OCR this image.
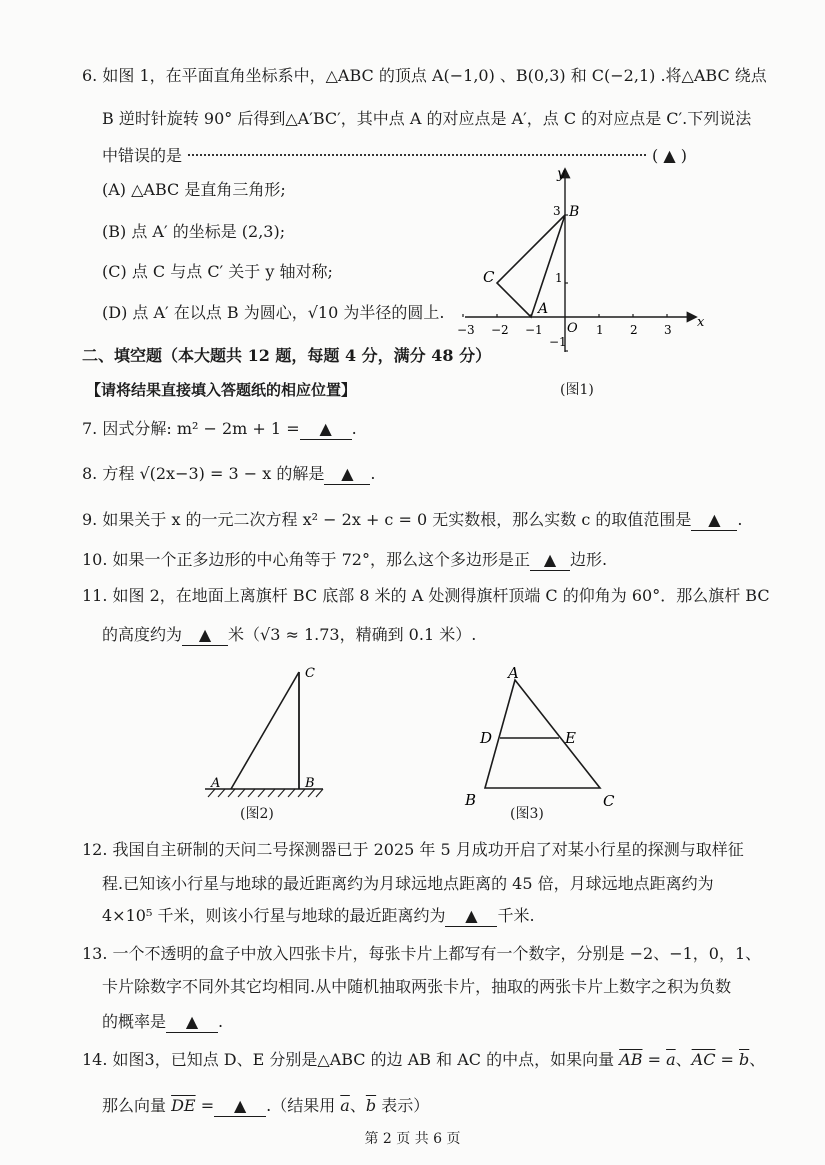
6. 如图 1，在平面直角坐标系中，△ABC 的顶点 A(−1,0) 、B(0,3) 和 C(−2,1) .将△ABC 绕点
B 逆时针旋转 90° 后得到△A′BC′，其中点 A 的对应点是 A′，点 C 的对应点是 C′.下列说法
中错误的是	( ▲ )
(A) △ABC 是直角三角形;
(B) 点 A′ 的坐标是 (2,3);
(C) 点 C 与点 C′ 关于 y 轴对称;
(D) 点 A′ 在以点 B 为圆心，√10 为半径的圆上.
−3 −2 −1	1 2 3
3
1
−1
x
y
O
A
B
C
(图1)
二、填空题（本大题共 12 题，每题 4 分，满分 48 分）
【请将结果直接填入答题纸的相应位置】
7. 因式分解: m² − 2m + 1 = ▲ .
8. 方程 √(2x−3) = 3 − x 的解是 ▲ .
9. 如果关于 x 的一元二次方程 x² − 2x + c = 0 无实数根，那么实数 c 的取值范围是 ▲ .
10. 如果一个正多边形的中心角等于 72°，那么这个多边形是正 ▲ 边形.
11. 如图 2，在地面上离旗杆 BC 底部 8 米的 A 处测得旗杆顶端 C 的仰角为 60°．那么旗杆 BC
的高度约为 ▲ 米（√3 ≈ 1.73，精确到 0.1 米）.
A	B
C
(图2)
A
B	C
D	E
(图3)
12. 我国自主研制的天问二号探测器已于 2025 年 5 月成功开启了对某小行星的探测与取样征
程.已知该小行星与地球的最近距离约为月球远地点距离的 45 倍，月球远地点距离约为
4×10⁵ 千米，则该小行星与地球的最近距离约为 ▲ 千米.
13. 一个不透明的盒子中放入四张卡片，每张卡片上都写有一个数字，分别是 −2、−1，0，1、
卡片除数字不同外其它均相同.从中随机抽取两张卡片，抽取的两张卡片上数字之积为负数
的概率是 ▲ .
14. 如图3，已知点 D、E 分别是△ABC 的边 AB 和 AC 的中点，如果向量 $\overline{AB} = \overline{a}$、$\overline{AC} = \overline{b}$、
那么向量 $\overline{DE}$ = ▲ .（结果用 $\overline{a}$、$\overline{b}$ 表示）
第 2 页 共 6 页
